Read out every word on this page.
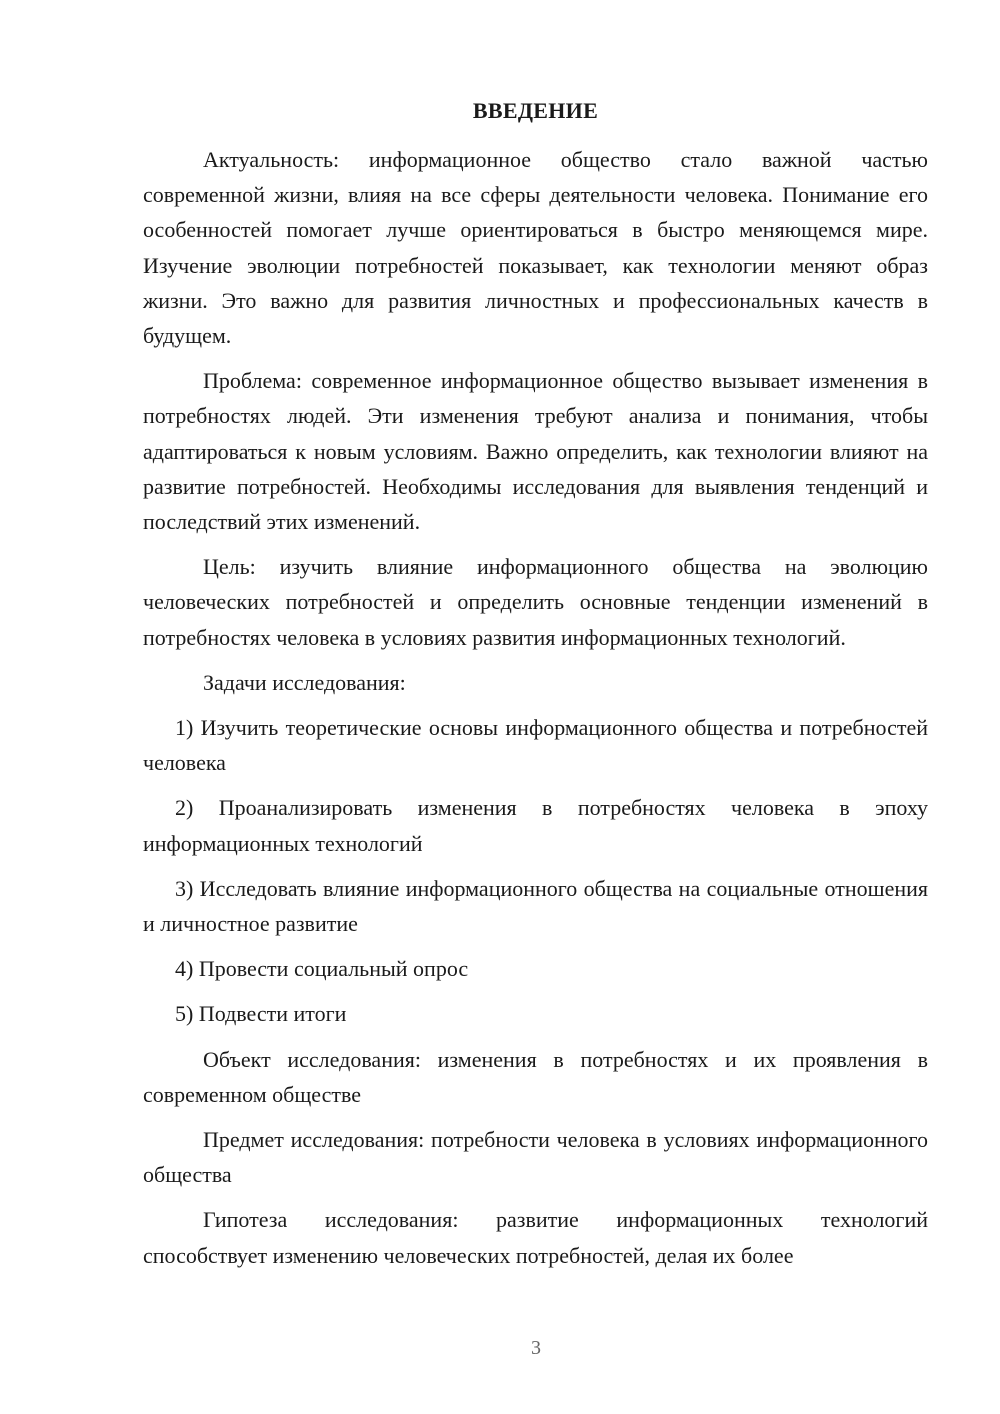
ВВЕДЕНИЕ

Актуальность: информационное общество стало важной частью современной жизни, влияя на все сферы деятельности человека. Понимание его особенностей помогает лучше ориентироваться в быстро меняющемся мире. Изучение эволюции потребностей показывает, как технологии меняют образ жизни. Это важно для развития личностных и профессиональных качеств в будущем.

Проблема: современное информационное общество вызывает изменения в потребностях людей. Эти изменения требуют анализа и понимания, чтобы адаптироваться к новым условиям. Важно определить, как технологии влияют на развитие потребностей. Необходимы исследования для выявления тенденций и последствий этих изменений.

Цель: изучить влияние информационного общества на эволюцию человеческих потребностей и определить основные тенденции изменений в потребностях человека в условиях развития информационных технологий.

Задачи исследования:

1) Изучить теоретические основы информационного общества и потребностей человека

2) Проанализировать изменения в потребностях человека в эпоху информационных технологий

3) Исследовать влияние информационного общества на социальные отношения и личностное развитие

4) Провести социальный опрос

5) Подвести итоги

Объект исследования: изменения в потребностях и их проявления в современном обществе

Предмет исследования: потребности человека в условиях информационного общества

Гипотеза исследования: развитие информационных технологий способствует изменению человеческих потребностей, делая их более

3
